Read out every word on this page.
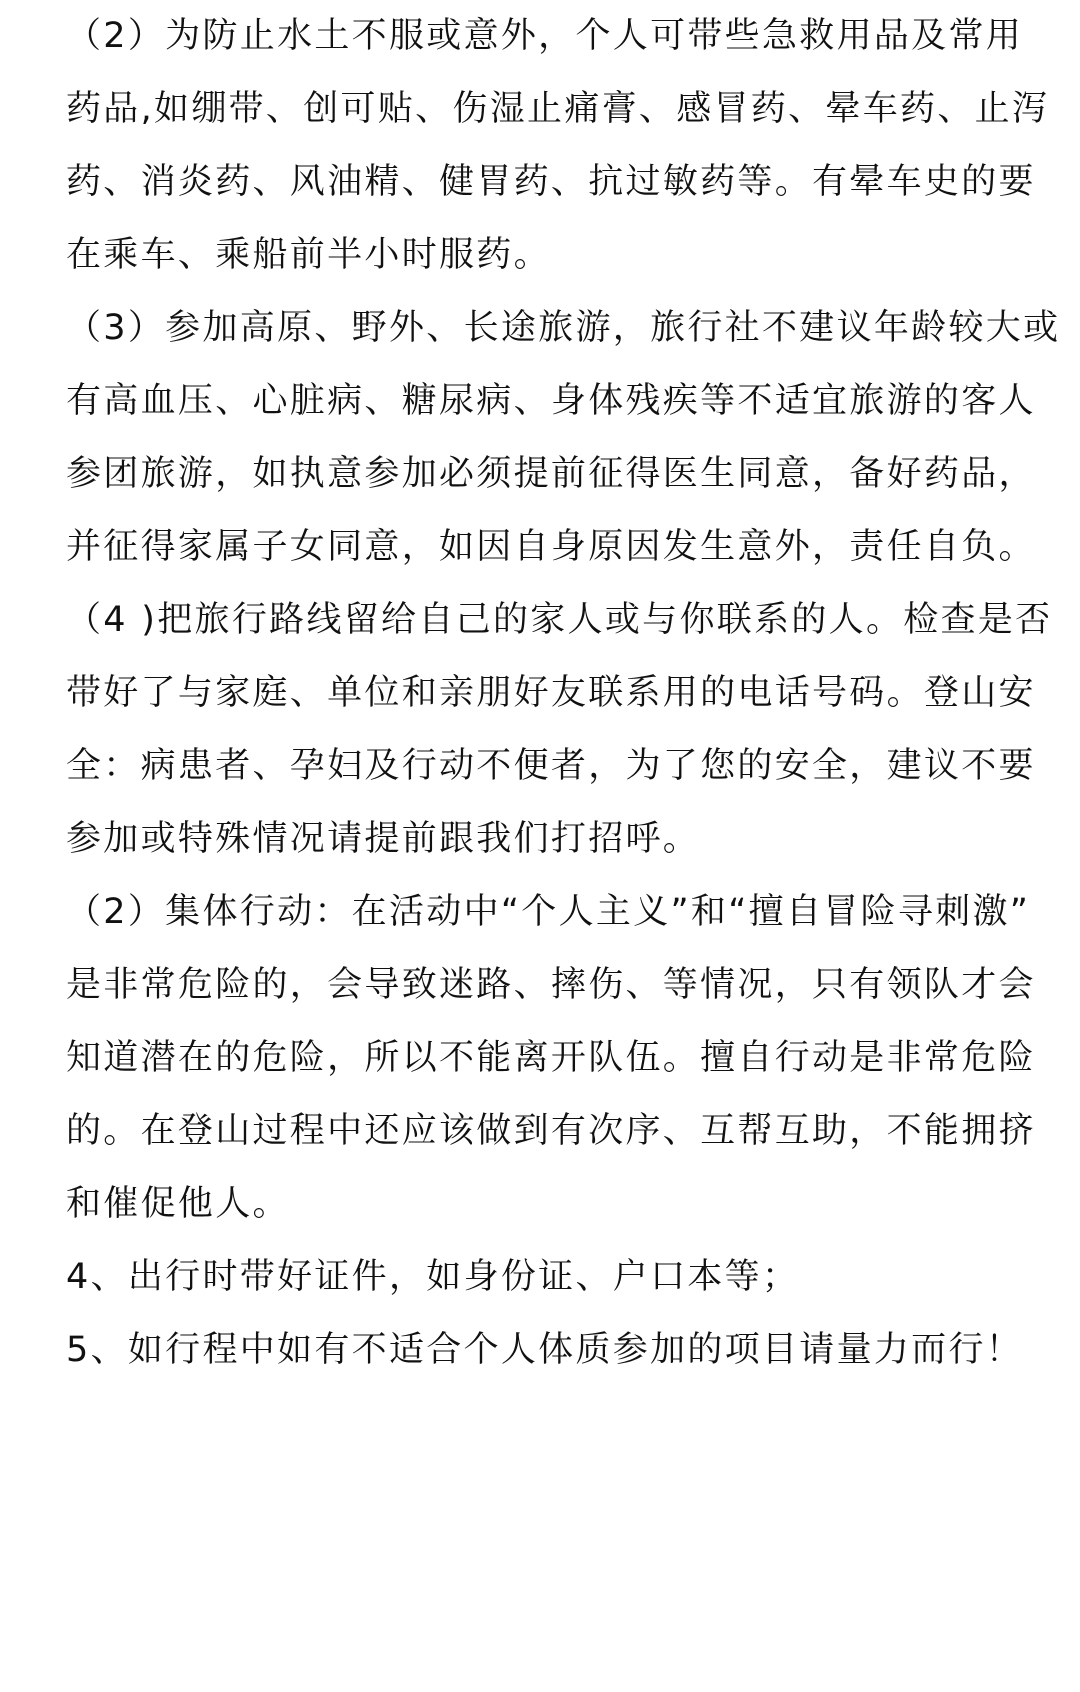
（2）为防止水土不服或意外，个人可带些急救用品及常用
药品,如绷带、创可贴、伤湿止痛膏、感冒药、晕车药、止泻
药、消炎药、风油精、健胃药、抗过敏药等。有晕车史的要
在乘车、乘船前半小时服药。
（3）参加高原、野外、长途旅游，旅行社不建议年龄较大或
有高血压、心脏病、糖尿病、身体残疾等不适宜旅游的客人
参团旅游，如执意参加必须提前征得医生同意，备好药品，
并征得家属子女同意，如因自身原因发生意外，责任自负。
（4 )把旅行路线留给自己的家人或与你联系的人。检查是否
带好了与家庭、单位和亲朋好友联系用的电话号码。登山安
全：病患者、孕妇及行动不便者，为了您的安全，建议不要
参加或特殊情况请提前跟我们打招呼。
（2）集体行动：在活动中“个人主义”和“擅自冒险寻刺激”
是非常危险的，会导致迷路、摔伤、等情况，只有领队才会
知道潜在的危险，所以不能离开队伍。擅自行动是非常危险
的。在登山过程中还应该做到有次序、互帮互助，不能拥挤
和催促他人。
4、出行时带好证件，如身份证、户口本等；
5、如行程中如有不适合个人体质参加的项目请量力而行！
